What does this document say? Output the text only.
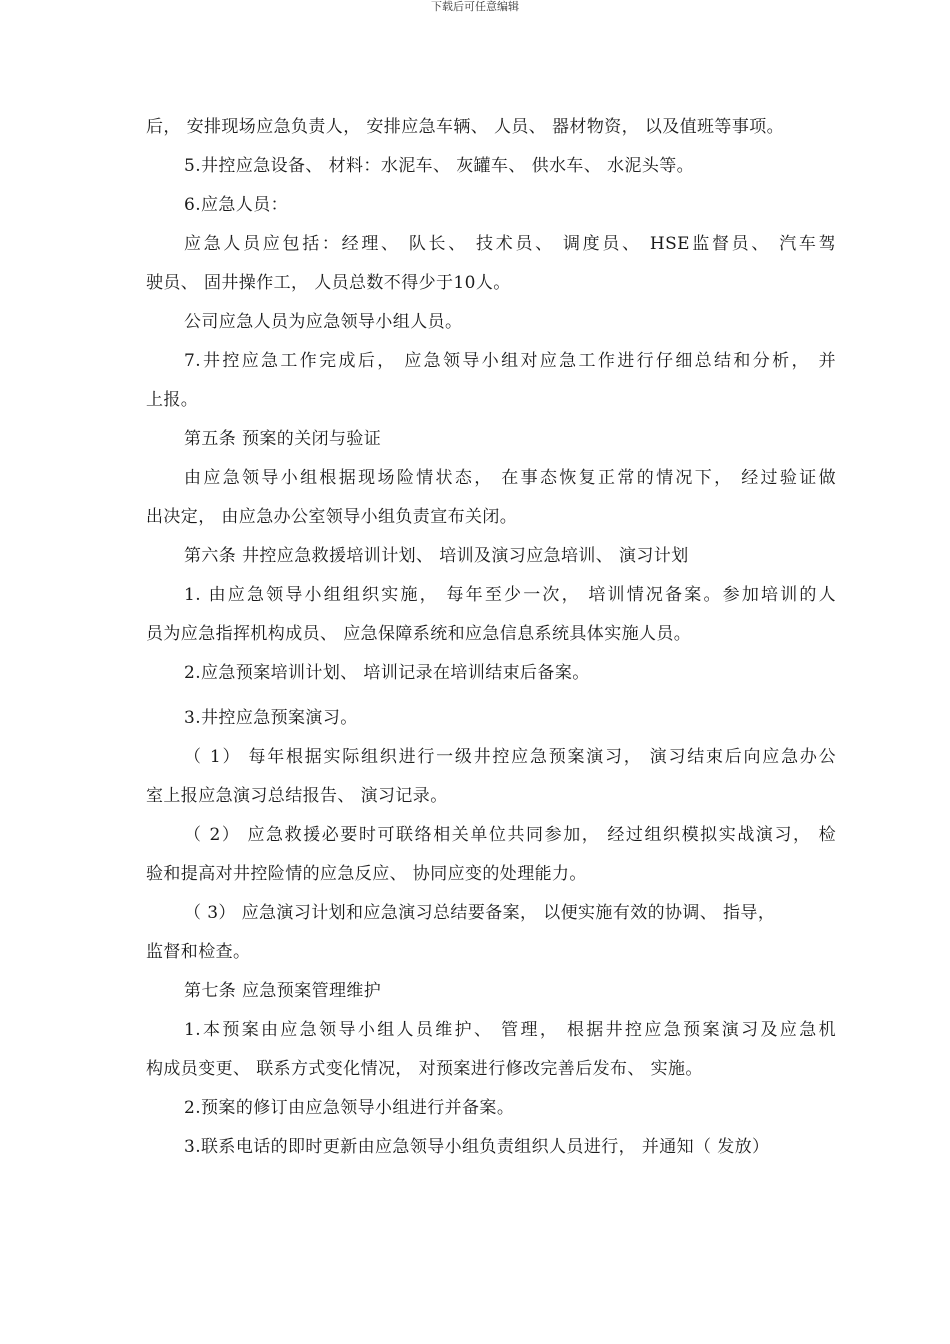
下载后可任意编辑
后， 安排现场应急负责人， 安排应急车辆、 人员、 器材物资， 以及值班等事项。
5.井控应急设备、 材料：水泥车、 灰罐车、 供水车、 水泥头等。
6.应急人员：
应急人员应包括：经理、 队长、 技术员、 调度员、 HSE监督员、 汽车驾
驶员、 固井操作工， 人员总数不得少于10人。
公司应急人员为应急领导小组人员。
7.井控应急工作完成后， 应急领导小组对应急工作进行仔细总结和分析， 并
上报。
第五条 预案的关闭与验证
由应急领导小组根据现场险情状态， 在事态恢复正常的情况下， 经过验证做
出决定， 由应急办公室领导小组负责宣布关闭。
第六条 井控应急救援培训计划、 培训及演习应急培训、 演习计划
1. 由应急领导小组组织实施， 每年至少一次， 培训情况备案。参加培训的人
员为应急指挥机构成员、 应急保障系统和应急信息系统具体实施人员。
2.应急预案培训计划、 培训记录在培训结束后备案。
3.井控应急预案演习。
（ 1） 每年根据实际组织进行一级井控应急预案演习， 演习结束后向应急办公
室上报应急演习总结报告、 演习记录。
（ 2） 应急救援必要时可联络相关单位共同参加， 经过组织模拟实战演习， 检
验和提高对井控险情的应急反应、 协同应变的处理能力。
（ 3） 应急演习计划和应急演习总结要备案， 以便实施有效的协调、 指导，
监督和检查。
第七条 应急预案管理维护
1.本预案由应急领导小组人员维护、 管理， 根据井控应急预案演习及应急机
构成员变更、 联系方式变化情况， 对预案进行修改完善后发布、 实施。
2.预案的修订由应急领导小组进行并备案。
3.联系电话的即时更新由应急领导小组负责组织人员进行， 并通知（ 发放）
